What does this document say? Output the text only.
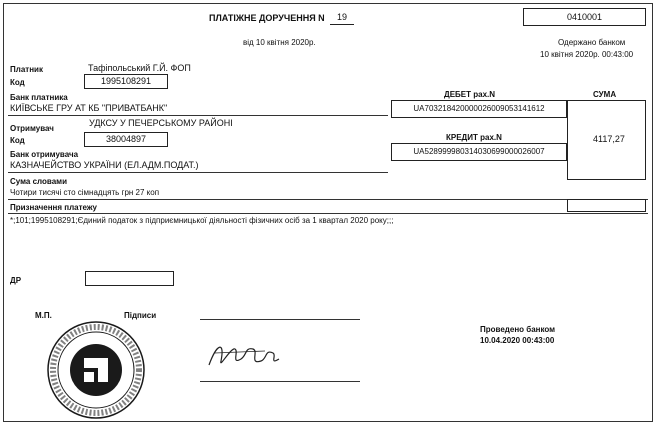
ПЛАТІЖНЕ ДОРУЧЕННЯ N	19	0410001
від 10 квітня 2020р.	Одержано банком
10 квітня 2020р. 00:43:00
Платник	Тафіпольський Г.Й. ФОП
Код	1995108291
Банк платника
КИЇВСЬКЕ ГРУ АТ КБ "ПРИВАТБАНК"
ДЕБЕТ рах.N	СУМА
UA703218420000026009053141612
4117,27
КРЕДИТ рах.N
UA528999980314030699000026007
Отримувач
УДКСУ У ПЕЧЕРСЬКОМУ РАЙОНІ
Код	38004897
Банк отримувача
КАЗНАЧЕЙСТВО УКРАЇНИ (ЕЛ.АДМ.ПОДАТ.)
Сума словами
Чотири тисячі сто сімнадцять грн 27 коп
Призначення платежу
*;101;1995108291;Єдиний податок з підприємницької діяльності фізичних осіб за 1 квартал 2020 року;;;
ДР
М.П.	Підписи
Проведено банком
10.04.2020 00:43:00
